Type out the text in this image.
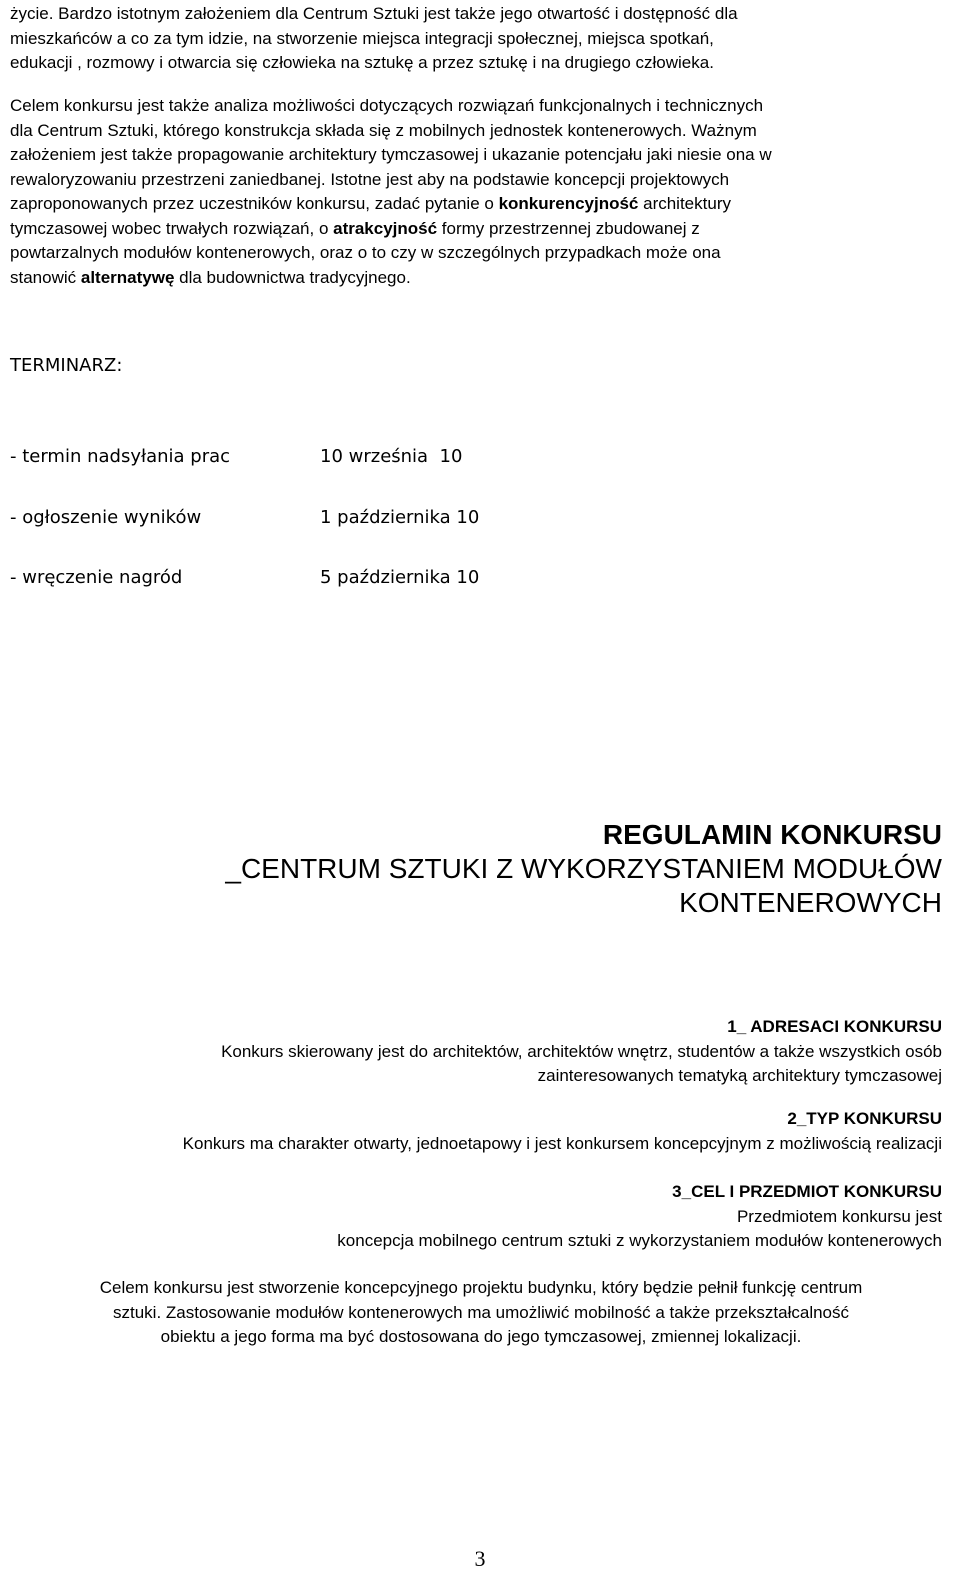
życie. Bardzo istotnym założeniem dla Centrum Sztuki jest także jego otwartość i dostępność dla
mieszkańców a co za tym idzie, na stworzenie miejsca integracji społecznej, miejsca spotkań,
edukacji , rozmowy i otwarcia się człowieka na sztukę a przez sztukę i na drugiego człowieka.
Celem konkursu jest także analiza możliwości dotyczących rozwiązań funkcjonalnych i technicznych
dla Centrum Sztuki, którego konstrukcja składa się z mobilnych jednostek kontenerowych. Ważnym
założeniem jest także propagowanie architektury tymczasowej i ukazanie potencjału jaki niesie ona w
rewaloryzowaniu przestrzeni zaniedbanej. Istotne jest aby na podstawie koncepcji projektowych
zaproponowanych przez uczestników konkursu, zadać pytanie o konkurencyjność architektury
tymczasowej wobec trwałych rozwiązań, o atrakcyjność formy przestrzennej zbudowanej z
powtarzalnych modułów kontenerowych, oraz o to czy w szczególnych przypadkach może ona
stanowić alternatywę dla budownictwa tradycyjnego.
TERMINARZ:
- termin nadsyłania prac	10 września  10
- ogłoszenie wyników	1 października 10
- wręczenie nagród	5 października 10
REGULAMIN KONKURSU
_CENTRUM SZTUKI Z WYKORZYSTANIEM MODUŁÓW
KONTENEROWYCH
1_ ADRESACI KONKURSU
Konkurs skierowany jest do architektów, architektów wnętrz, studentów a także wszystkich osób
zainteresowanych tematyką architektury tymczasowej
2_TYP KONKURSU
Konkurs ma charakter otwarty, jednoetapowy i jest konkursem koncepcyjnym z możliwością realizacji
3_CEL I PRZEDMIOT KONKURSU
Przedmiotem konkursu jest
koncepcja mobilnego centrum sztuki z wykorzystaniem modułów kontenerowych
Celem konkursu jest stworzenie koncepcyjnego projektu budynku, który będzie pełnił funkcję centrum
sztuki. Zastosowanie modułów kontenerowych ma umożliwić mobilność a także przekształcalność
obiektu a jego forma ma być dostosowana do jego tymczasowej, zmiennej lokalizacji.
3
